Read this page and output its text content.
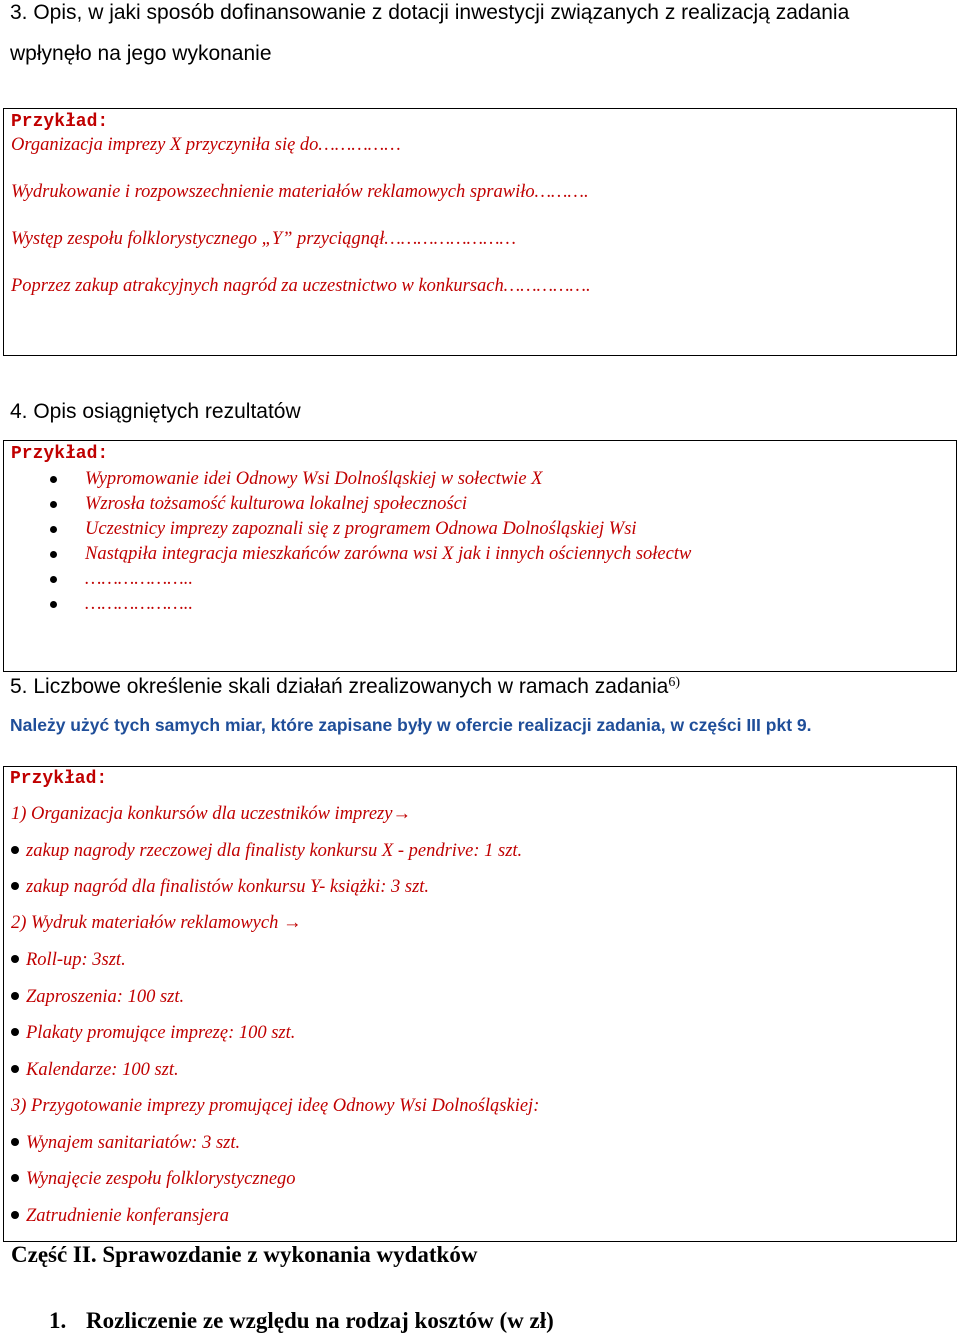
3. Opis, w jaki sposób dofinansowanie z dotacji inwestycji związanych z realizacją zadania
wpłynęło na jego wykonanie
Przykład:
Organizacja imprezy X przyczyniła się do……………
Wydrukowanie i rozpowszechnienie materiałów reklamowych sprawiło……….
Występ zespołu folklorystycznego „Y” przyciągnął……………………
Poprzez zakup atrakcyjnych nagród za uczestnictwo w konkursach…………….
4. Opis osiągniętych rezultatów
Przykład:
Wypromowanie idei Odnowy Wsi Dolnośląskiej w sołectwie X
Wzrosła tożsamość kulturowa lokalnej społeczności
Uczestnicy imprezy zapoznali się z programem Odnowa Dolnośląskiej Wsi
Nastąpiła integracja mieszkańców zarówna wsi X jak i innych ościennych sołectw
………………..
………………..
5. Liczbowe określenie skali działań zrealizowanych w ramach zadania$^{6)}$
Należy użyć tych samych miar, które zapisane były w ofercie realizacji zadania, w części III pkt 9.
Przykład:
1) Organizacja konkursów dla uczestników imprezy→
zakup nagrody rzeczowej dla finalisty konkursu X - pendrive: 1 szt.
zakup nagród dla finalistów konkursu Y- książki: 3 szt.
2) Wydruk materiałów reklamowych →
Roll-up: 3szt.
Zaproszenia: 100 szt.
Plakaty promujące imprezę: 100 szt.
Kalendarze: 100 szt.
3) Przygotowanie imprezy promującej ideę Odnowy Wsi Dolnośląskiej:
Wynajem sanitariatów: 3 szt.
Wynajęcie zespołu folklorystycznego
Zatrudnienie konferansjera
Część II. Sprawozdanie z wykonania wydatków
1. Rozliczenie ze względu na rodzaj kosztów (w zł)
